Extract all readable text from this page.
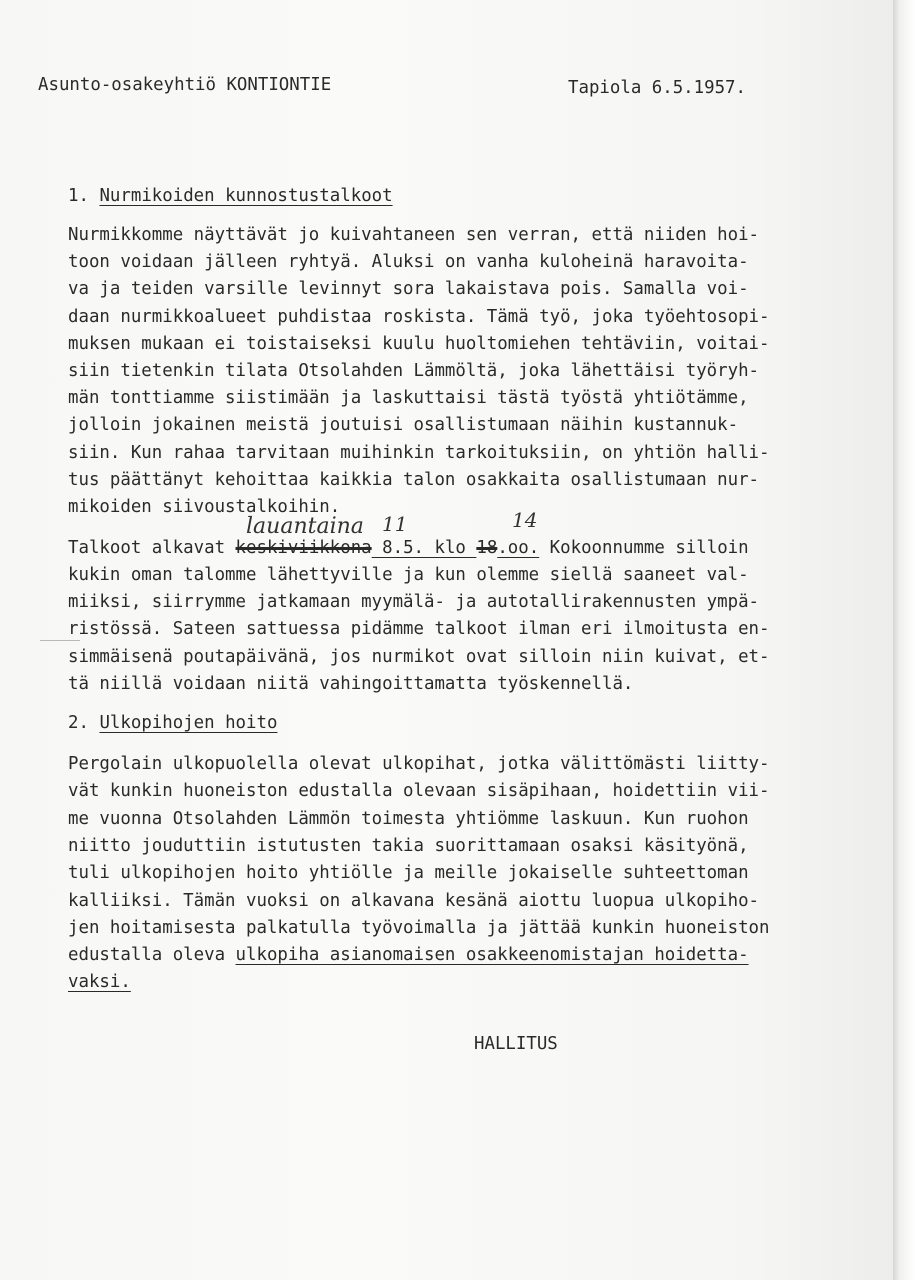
Asunto-osakeyhtiö KONTIONTIE	Tapiola 6.5.1957.
1. Nurmikoiden kunnostustalkoot
Nurmikkomme näyttävät jo kuivahtaneen sen verran, että niiden hoi-
toon voidaan jälleen ryhtyä. Aluksi on vanha kuloheinä haravoita-
va ja teiden varsille levinnyt sora lakaistava pois. Samalla voi-
daan nurmikkoalueet puhdistaa roskista. Tämä työ, joka työehtosopi-
muksen mukaan ei toistaiseksi kuulu huoltomiehen tehtäviin, voitai-
siin tietenkin tilata Otsolahden Lämmöltä, joka lähettäisi työryh-
män tonttiamme siistimään ja laskuttaisi tästä työstä yhtiötämme,
jolloin jokainen meistä joutuisi osallistumaan näihin kustannuk-
siin. Kun rahaa tarvitaan muihinkin tarkoituksiin, on yhtiön halli-
tus päättänyt kehoittaa kaikkia talon osakkaita osallistumaan nur-
mikoiden siivoustalkoihin.
Talkoot alkavat keskiviikkona 8.5. klo 18.oo. Kokoonnumme silloin
lauantaina 11	14
kukin oman talomme lähettyville ja kun olemme siellä saaneet val-
miiksi, siirrymme jatkamaan myymälä- ja autotallirakennusten ympä-
ristössä. Sateen sattuessa pidämme talkoot ilman eri ilmoitusta en-
simmäisenä poutapäivänä, jos nurmikot ovat silloin niin kuivat, et-
tä niillä voidaan niitä vahingoittamatta työskennellä.
2. Ulkopihojen hoito
Pergolain ulkopuolella olevat ulkopihat, jotka välittömästi liitty-
vät kunkin huoneiston edustalla olevaan sisäpihaan, hoidettiin vii-
me vuonna Otsolahden Lämmön toimesta yhtiömme laskuun. Kun ruohon
niitto jouduttiin istutusten takia suorittamaan osaksi käsityönä,
tuli ulkopihojen hoito yhtiölle ja meille jokaiselle suhteettoman
kalliiksi. Tämän vuoksi on alkavana kesänä aiottu luopua ulkopiho-
jen hoitamisesta palkatulla työvoimalla ja jättää kunkin huoneiston
edustalla oleva ulkopiha asianomaisen osakkeenomistajan hoidetta-
vaksi.
HALLITUS
